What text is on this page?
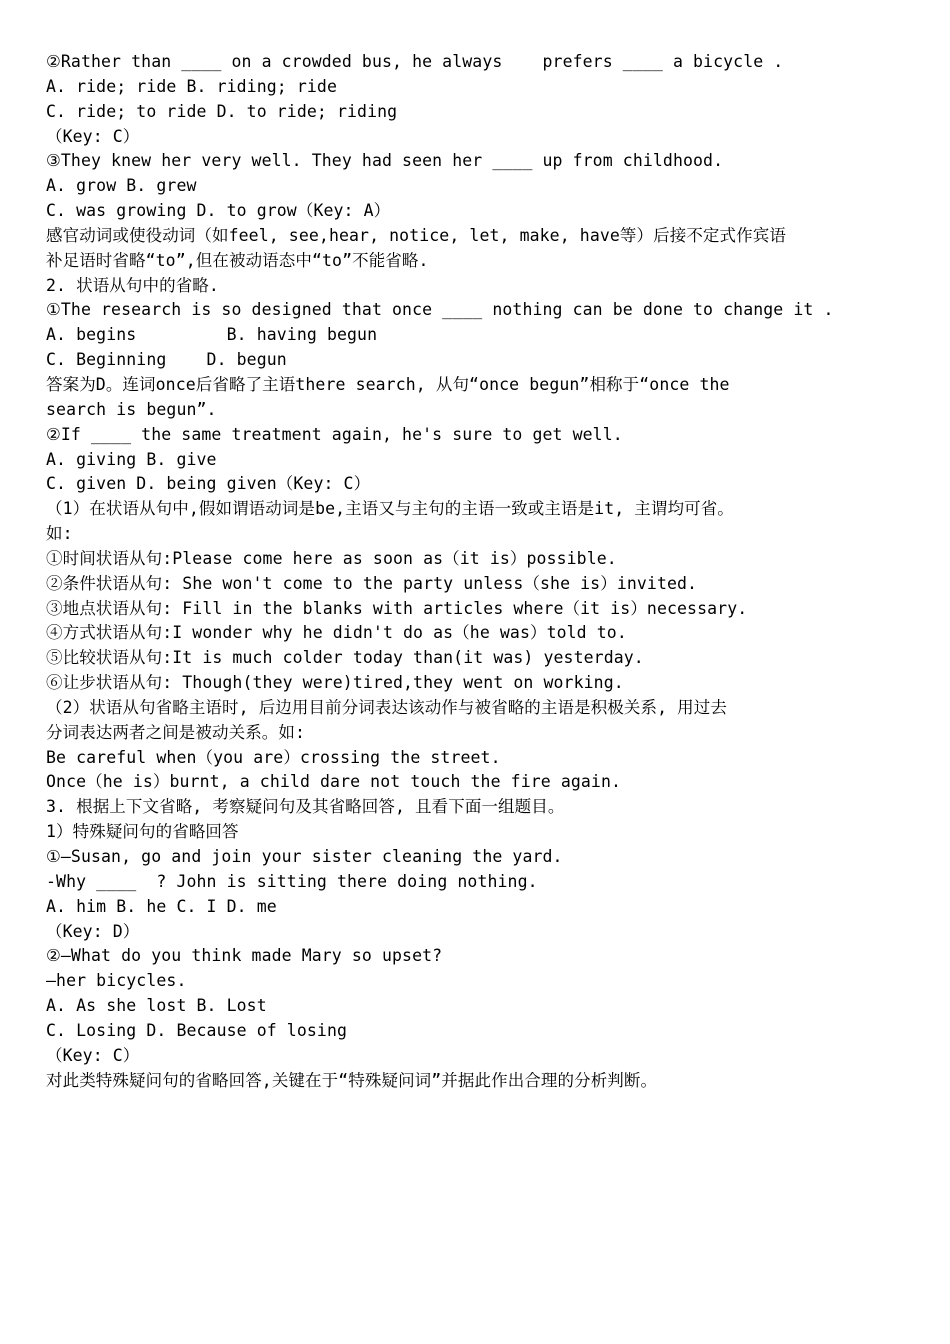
②Rather than ____ on a crowded bus, he always    prefers ____ a bicycle .
A. ride; ride B. riding; ride
C. ride; to ride D. to ride; riding
（Key: C）
③They knew her very well. They had seen her ____ up from childhood.
A. grow B. grew
C. was growing D. to grow（Key: A）
感官动词或使役动词（如feel, see,hear, notice, let, make, have等）后接不定式作宾语
补足语时省略“to”,但在被动语态中“to”不能省略.
2. 状语从句中的省略.
①The research is so designed that once ____ nothing can be done to change it .
A. begins         B. having begun
C. Beginning    D. begun
答案为D。连词once后省略了主语there search, 从句“once begun”相称于“once the
search is begun”.
②If ____ the same treatment again, he's sure to get well.
A. giving B. give
C. given D. being given（Key: C）
（1）在状语从句中,假如谓语动词是be,主语又与主句的主语一致或主语是it, 主谓均可省。
如:
①时间状语从句:Please come here as soon as（it is）possible.
②条件状语从句: She won't come to the party unless（she is）invited.
③地点状语从句: Fill in the blanks with articles where（it is）necessary.
④方式状语从句:I wonder why he didn't do as（he was）told to.
⑤比较状语从句:It is much colder today than(it was) yesterday.
⑥让步状语从句: Though(they were)tired,they went on working.
（2）状语从句省略主语时, 后边用目前分词表达该动作与被省略的主语是积极关系, 用过去
分词表达两者之间是被动关系。如:
Be careful when（you are）crossing the street.
Once（he is）burnt, a child dare not touch the fire again.
3. 根据上下文省略, 考察疑问句及其省略回答, 且看下面一组题目。
1）特殊疑问句的省略回答
①—Susan, go and join your sister cleaning the yard.
-Why ____  ? John is sitting there doing nothing.
A. him B. he C. I D. me
（Key: D）
②—What do you think made Mary so upset?
—her bicycles.
A. As she lost B. Lost
C. Losing D. Because of losing
（Key: C）
对此类特殊疑问句的省略回答,关键在于“特殊疑问词”并据此作出合理的分析判断。
